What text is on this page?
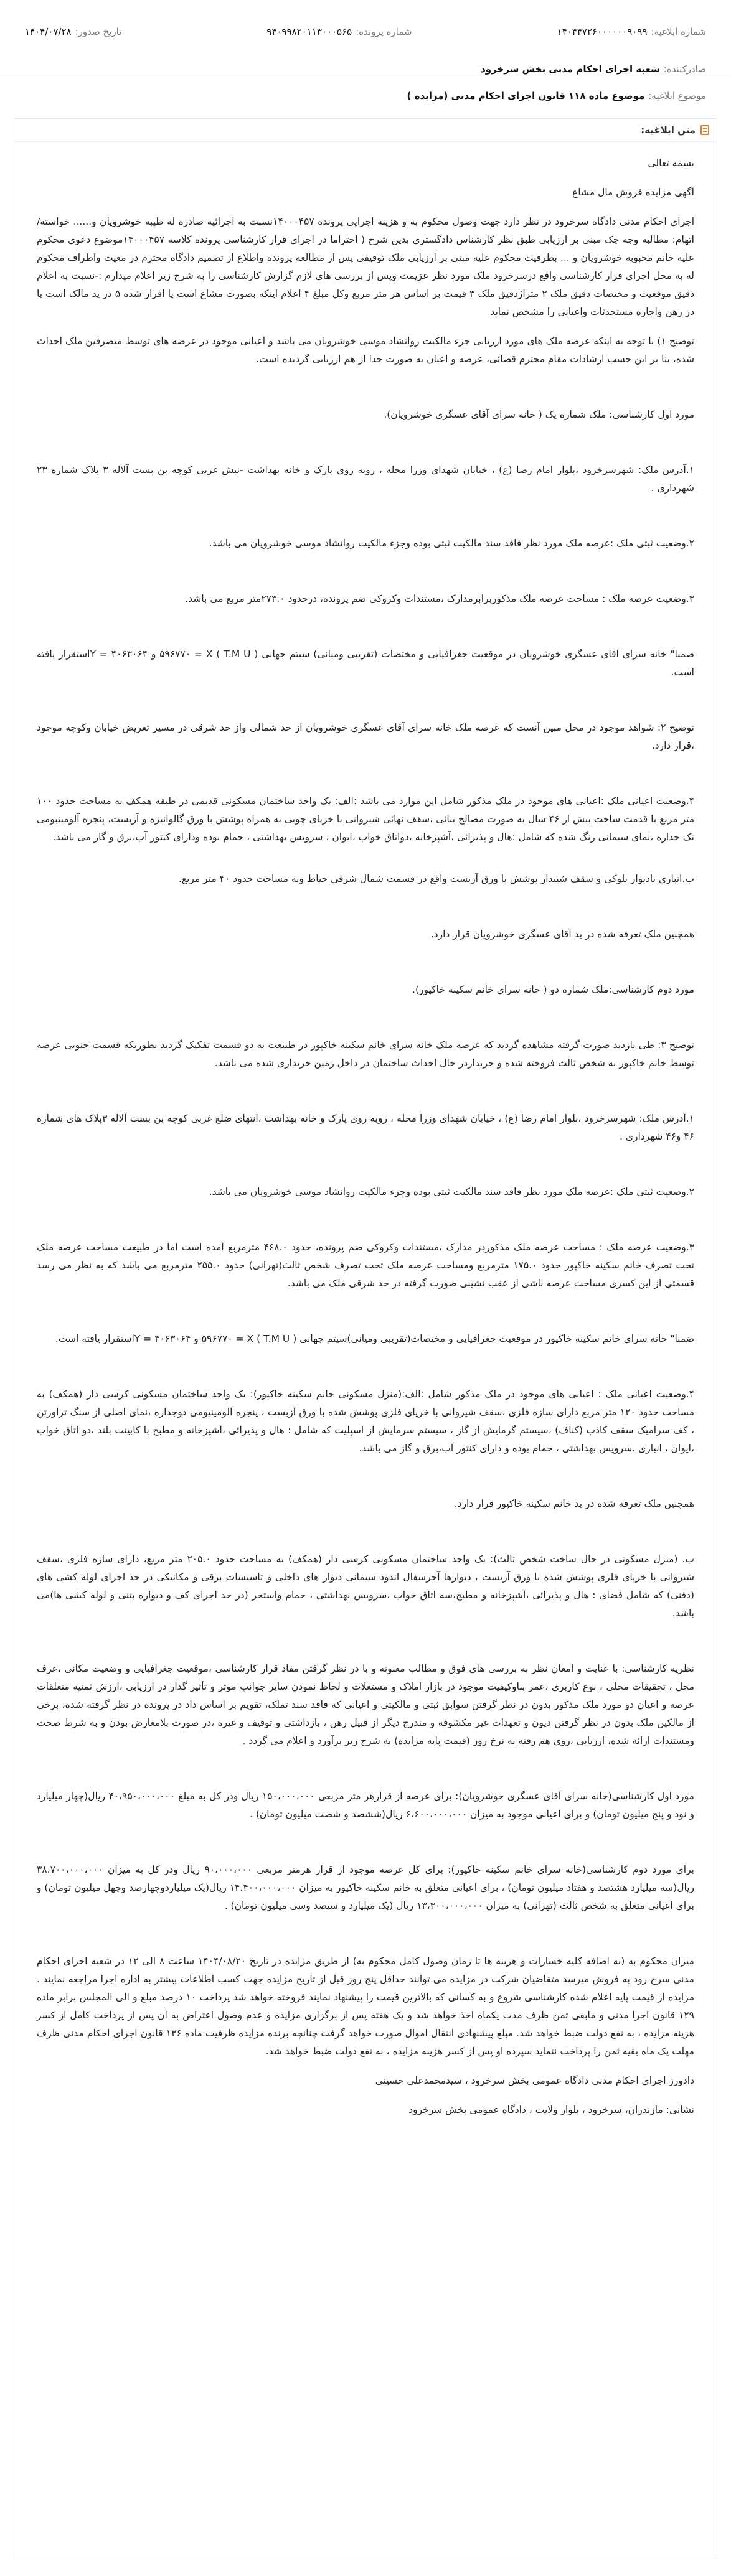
شماره ابلاغیه:۱۴۰۴۴۷۲۶۰۰۰۰۰۰۹۰۹۹
شماره پرونده:۹۴۰۹۹۸۲۰۱۱۳۰۰۰۵۶۵
تاریخ صدور:۱۴۰۴/۰۷/۲۸
صادرکننده:شعبه اجرای احکام مدنی بخش سرخرود
موضوع ابلاغیه:موضوع ماده ۱۱۸ قانون اجرای احکام مدنی (مزایده )
متن ابلاغیه:

بسمه تعالی

آگهی مزایده فروش مال مشاع

اجرای احکام مدنی دادگاه سرخرود در نظر دارد جهت وصول محکوم به و هزینه اجرایی پرونده ۱۴۰۰۰۴۵۷نسبت به اجرائیه صادره له طیبه خوشرویان و...... خواسته/اتهام: مطالبه وجه چک مبنی بر ارزیابی طبق نظر کارشناس دادگستری بدین شرح ( احتراما در اجرای قرار کارشناسی پرونده کلاسه ۱۴۰۰۰۴۵۷موضوع دعوی محکوم علیه خانم محبوبه خوشرویان و ... بطرفیت محکوم علیه مبنی بر ارزیابی ملک توقیفی پس از مطالعه پرونده واطلاع از تصمیم دادگاه محترم در معیت واطراف محکوم له به محل اجرای قرار کارشناسی واقع درسرخرود ملک مورد نظر عزیمت وپس از بررسی های لازم گزارش کارشناسی را به شرح زیر اعلام میدارم :-نسبت به اعلام دقیق موقعیت و مختصات دقیق ملک ۲ متراژدقیق ملک ۳ قیمت بر اساس هر متر مربع وکل مبلغ ۴ اعلام اینکه بصورت مشاع است یا افراز شده ۵ در ید مالک است یا در رهن واجاره مستحدثات واعیانی را مشخص نماید

توضیح ۱) با توجه به اینکه عرصه ملک های مورد ارزیابی جزء مالکیت روانشاد موسی خوشرویان می باشد و اعیانی موجود در عرصه های توسط متصرفین ملک احداث شده، بنا بر این حسب ارشادات مقام محترم قضائی، عرصه و اعیان به صورت جدا از هم ارزیابی گردیده است.

مورد اول کارشناسی: ملک شماره یک ( خانه سرای آقای عسگری خوشرویان).

۱.آدرس ملک: شهرسرخرود ،بلوار امام رضا (ع) ، خیابان شهدای وزرا محله ، روبه روی پارک و خانه بهداشت -نبش غربی کوچه بن بست آلاله ۳ پلاک شماره ۲۳ شهرداری .

۲.وضعیت ثبتی ملک :عرصه ملک مورد نظر فاقد سند مالکیت ثبتی بوده وجزء مالکیت روانشاد موسی خوشرویان می باشد.

۳.وضعیت عرصه ملک : مساحت عرصه ملک مذکوربرابرمدارک ،مستندات وکروکی ضم پرونده، درحدود ۲۷۳.۰متر مربع می باشد.

ضمنا" خانه سرای آقای عسگری خوشرویان در موقعیت جغرافیایی و مختصات (تقریبی ومیانی) سیتم جهانی ( T.M U ) ۵۹۶۷۷۰ = X و ۴۰۶۳۰۶۴ = Yاستقرار یافته است.

توضیح ۲: شواهد موجود در محل مبین آنست که عرصه ملک خانه سرای آقای عسگری خوشرویان از حد شمالی واز حد شرقی در مسیر تعریض خیابان وکوچه موجود ،قرار دارد.

۴.وضعیت اعیانی ملک :اعیانی های موجود در ملک مذکور شامل این موارد می باشد :الف: یک واحد ساختمان مسکونی قدیمی در طبقه همکف به مساحت حدود ۱۰۰ متر مربع با قدمت ساخت بیش از ۴۶ سال به صورت مصالح بنائی ،سقف نهائی شیروانی با خرپای چوبی به همراه پوشش با ورق گالوانیزه و آزبست، پنجره آلومینیومی تک جداره ،نمای سیمانی رنگ شده که شامل :هال و پذیرائی ،آشپزخانه ،دواتاق خواب ،ایوان ، سرویس بهداشتی ، حمام بوده ودارای کنتور آب،برق و گاز می باشد.

ب.انباری بادیوار بلوکی و سقف شیبدار پوشش با ورق آزبست واقع در قسمت شمال شرقی حیاط وبه مساحت حدود ۴۰ متر مربع.

همچنین ملک تعرفه شده در ید آقای عسگری خوشرویان قرار دارد.

مورد دوم کارشناسی:ملک شماره دو ( خانه سرای خانم سکینه خاکپور).

توضیح ۳: طی بازدید صورت گرفته مشاهده گردید که عرصه ملک خانه سرای خانم سکینه خاکپور در طبیعت به دو قسمت تفکیک گردید بطوریکه قسمت جنوبی عرصه توسط خانم خاکپور به شخص ثالث فروخته شده و خریداردر حال احداث ساختمان در داخل زمین خریداری شده می باشد.

۱.آدرس ملک: شهرسرخرود ،بلوار امام رضا (ع) ، خیابان شهدای وزرا محله ، روبه روی پارک و خانه بهداشت ،انتهای ضلع غربی کوچه بن بست آلاله ۳پلاک های شماره ۴۶ و۴۶ شهرداری .

۲.وضعیت ثبتی ملک :عرصه ملک مورد نظر فاقد سند مالکیت ثبتی بوده وجزء مالکیت روانشاد موسی خوشرویان می باشد.

۳.وضعیت عرصه ملک : مساحت عرصه ملک مذکوردر مدارک ،مستندات وکروکی ضم پرونده، حدود ۴۶۸.۰ مترمربع آمده است اما در طبیعت مساحت عرصه ملک تحت تصرف خانم سکینه خاکپور حدود ۱۷۵.۰ مترمربع ومساحت عرصه ملک تحت تصرف شخص ثالث(تهرانی) حدود ۲۵۵.۰ مترمربع می باشد که به نظر می رسد قسمتی از این کسری مساحت عرصه ناشی از عقب نشینی صورت گرفته در حد شرقی ملک می باشد.

ضمنا" خانه سرای خانم سکینه خاکپور در موقعیت جغرافیایی و مختصات(تقریبی ومیانی)سیتم جهانی ( T.M U ) ۵۹۶۷۷۰ = X و ۴۰۶۳۰۶۴ = Yاستقرار یافته است.

۴.وضعیت اعیانی ملک : اعیانی های موجود در ملک مذکور شامل :الف:(منزل مسکونی خانم سکینه خاکپور): یک واحد ساختمان مسکونی کرسی دار (همکف) به مساحت حدود ۱۲۰ متر مربع دارای سازه فلزی ،سقف شیروانی با خرپای فلزی پوشش شده با ورق آزبست ، پنجره آلومینیومی دوجداره ،نمای اصلی از سنگ تراورتن ، کف سرامیک سقف کاذب (کناف) ،سیستم گرمایش از گاز ، سیستم سرمایش از اسپلیت که شامل : هال و پذیرائی ،آشپزخانه و مطبخ با کابینت بلند ،دو اتاق خواب ،ایوان ، انباری ،سرویس بهداشتی ، حمام بوده و دارای کنتور آب،برق و گاز می باشد.

همچنین ملک تعرفه شده در ید خانم سکینه خاکپور قرار دارد.

ب. (منزل مسکونی در حال ساخت شخص ثالث): یک واحد ساختمان مسکونی کرسی دار (همکف) به مساحت حدود ۲۰۵.۰ متر مربع، دارای سازه فلزی ،سقف شیروانی با خرپای فلزی پوشش شده با ورق آزبست ، دیوارها آجرسفال اندود سیمانی دیوار های داخلی و تاسیسات برقی و مکانیکی در حد اجرای لوله کشی های (دفنی) که شامل فضای : هال و پذیرائی ،آشپزخانه و مطبخ،سه اتاق خواب ،سرویس بهداشتی ، حمام واستخر (در حد اجرای کف و دیواره بتنی و لوله کشی ها)می باشد.

نظریه کارشناسی: با عنایت و امعان نظر به بررسی های فوق و مطالب معنونه و با در نظر گرفتن مفاد قرار کارشناسی ،موقعیت جغرافیایی و وضعیت مکانی ،عرف محل ، تحقیقات محلی ، نوع کاربری ،عمر بناوکیفیت موجود در بازار املاک و مستغلات و لحاظ نمودن سایر جوانب موثر و تأثیر گذار در ارزیابی ،ارزش ثمنیه متعلقات عرصه و اعیان دو مورد ملک مذکور بدون در نظر گرفتن سوابق ثبتی و مالکیتی و اعیانی که فاقد سند تملک، تقویم بر اساس داد در پرونده در نظر گرفته شده، برخی از مالکین ملک بدون در نظر گرفتن دیون و تعهدات غیر مکشوفه و مندرج دیگر از قبیل رهن ، بازداشتی و توقیف و غیره ،در صورت بلامعارض بودن و به شرط صحت ومستندات ارائه شده، ارزیابی ،روی هم رفته به نرخ روز (قیمت پایه مزایده) به شرح زیر برآورد و اعلام می گردد .

مورد اول کارشناسی(خانه سرای آقای عسگری خوشرویان): برای عرصه از قرارهر متر مربعی ۱۵۰،۰۰۰،۰۰۰ ریال ودر کل به مبلغ ۴۰،۹۵۰،۰۰۰،۰۰۰ ریال(چهار میلیارد و نود و پنج میلیون تومان) و برای اعیانی موجود به میزان ۶،۶۰۰،۰۰۰،۰۰۰ ریال(ششصد و شصت میلیون تومان) .

برای مورد دوم کارشناسی(خانه سرای خانم سکینه خاکپور): برای کل عرصه موجود از قرار هرمتر مربعی ۹۰،۰۰۰،۰۰۰ ریال ودر کل به میزان ۳۸،۷۰۰،۰۰۰،۰۰۰ ریال(سه میلیارد هشتصد و هفتاد میلیون تومان) ، برای اعیانی متعلق به خانم سکینه خاکپور به میزان ۱۴،۴۰۰،۰۰۰،۰۰۰ ریال(یک میلیاردوچهارصد وچهل میلیون تومان) و برای اعیانی متعلق به شخص ثالث (تهرانی) به میزان ۱۳،۳۰۰،۰۰۰،۰۰۰ ریال (یک میلیارد و سیصد وسی میلیون تومان) .

میزان محکوم به (به اضافه کلیه خسارات و هزینه ها تا زمان وصول کامل محکوم به) از طریق مزایده در تاریخ ۱۴۰۴/۰۸/۲۰ ساعت ۸ الی ۱۲ در شعبه اجرای احکام مدنی سرخ رود به فروش میرسد متقاضیان شرکت در مزایده می توانند حداقل پنج روز قبل از تاریخ مزایده جهت کسب اطلاعات بیشتر به اداره اجرا مراجعه نمایند . مزایده از قیمت پایه اعلام شده کارشناسی شروع و به کسانی که بالاترین قیمت را پیشنهاد نمایند فروخته خواهد شد پرداخت ۱۰ درصد مبلغ و الی المجلس برابر ماده ۱۲۹ قانون اجرا مدنی و مابقی ثمن ظرف مدت یکماه اخذ خواهد شد و یک هفته پس از برگزاری مزایده و عدم وصول اعتراض به آن پس از پرداخت کامل از کسر هزینه مزایده ، به نفع دولت ضبط خواهد شد. مبلغ پیشنهادی انتقال اموال صورت خواهد گرفت چنانچه برنده مزایده ظرفیت ماده ۱۳۶ قانون اجرای احکام مدنی ظرف مهلت یک ماه بقیه ثمن را پرداخت ننماید سپرده او پس از کسر هزینه مزایده ، به نفع دولت ضبط خواهد شد.

دادورز اجرای احکام مدنی دادگاه عمومی بخش سرخرود ، سیدمحمدعلی حسینی

نشانی: مازندران، سرخرود ، بلوار ولایت ، دادگاه عمومی بخش سرخرود
